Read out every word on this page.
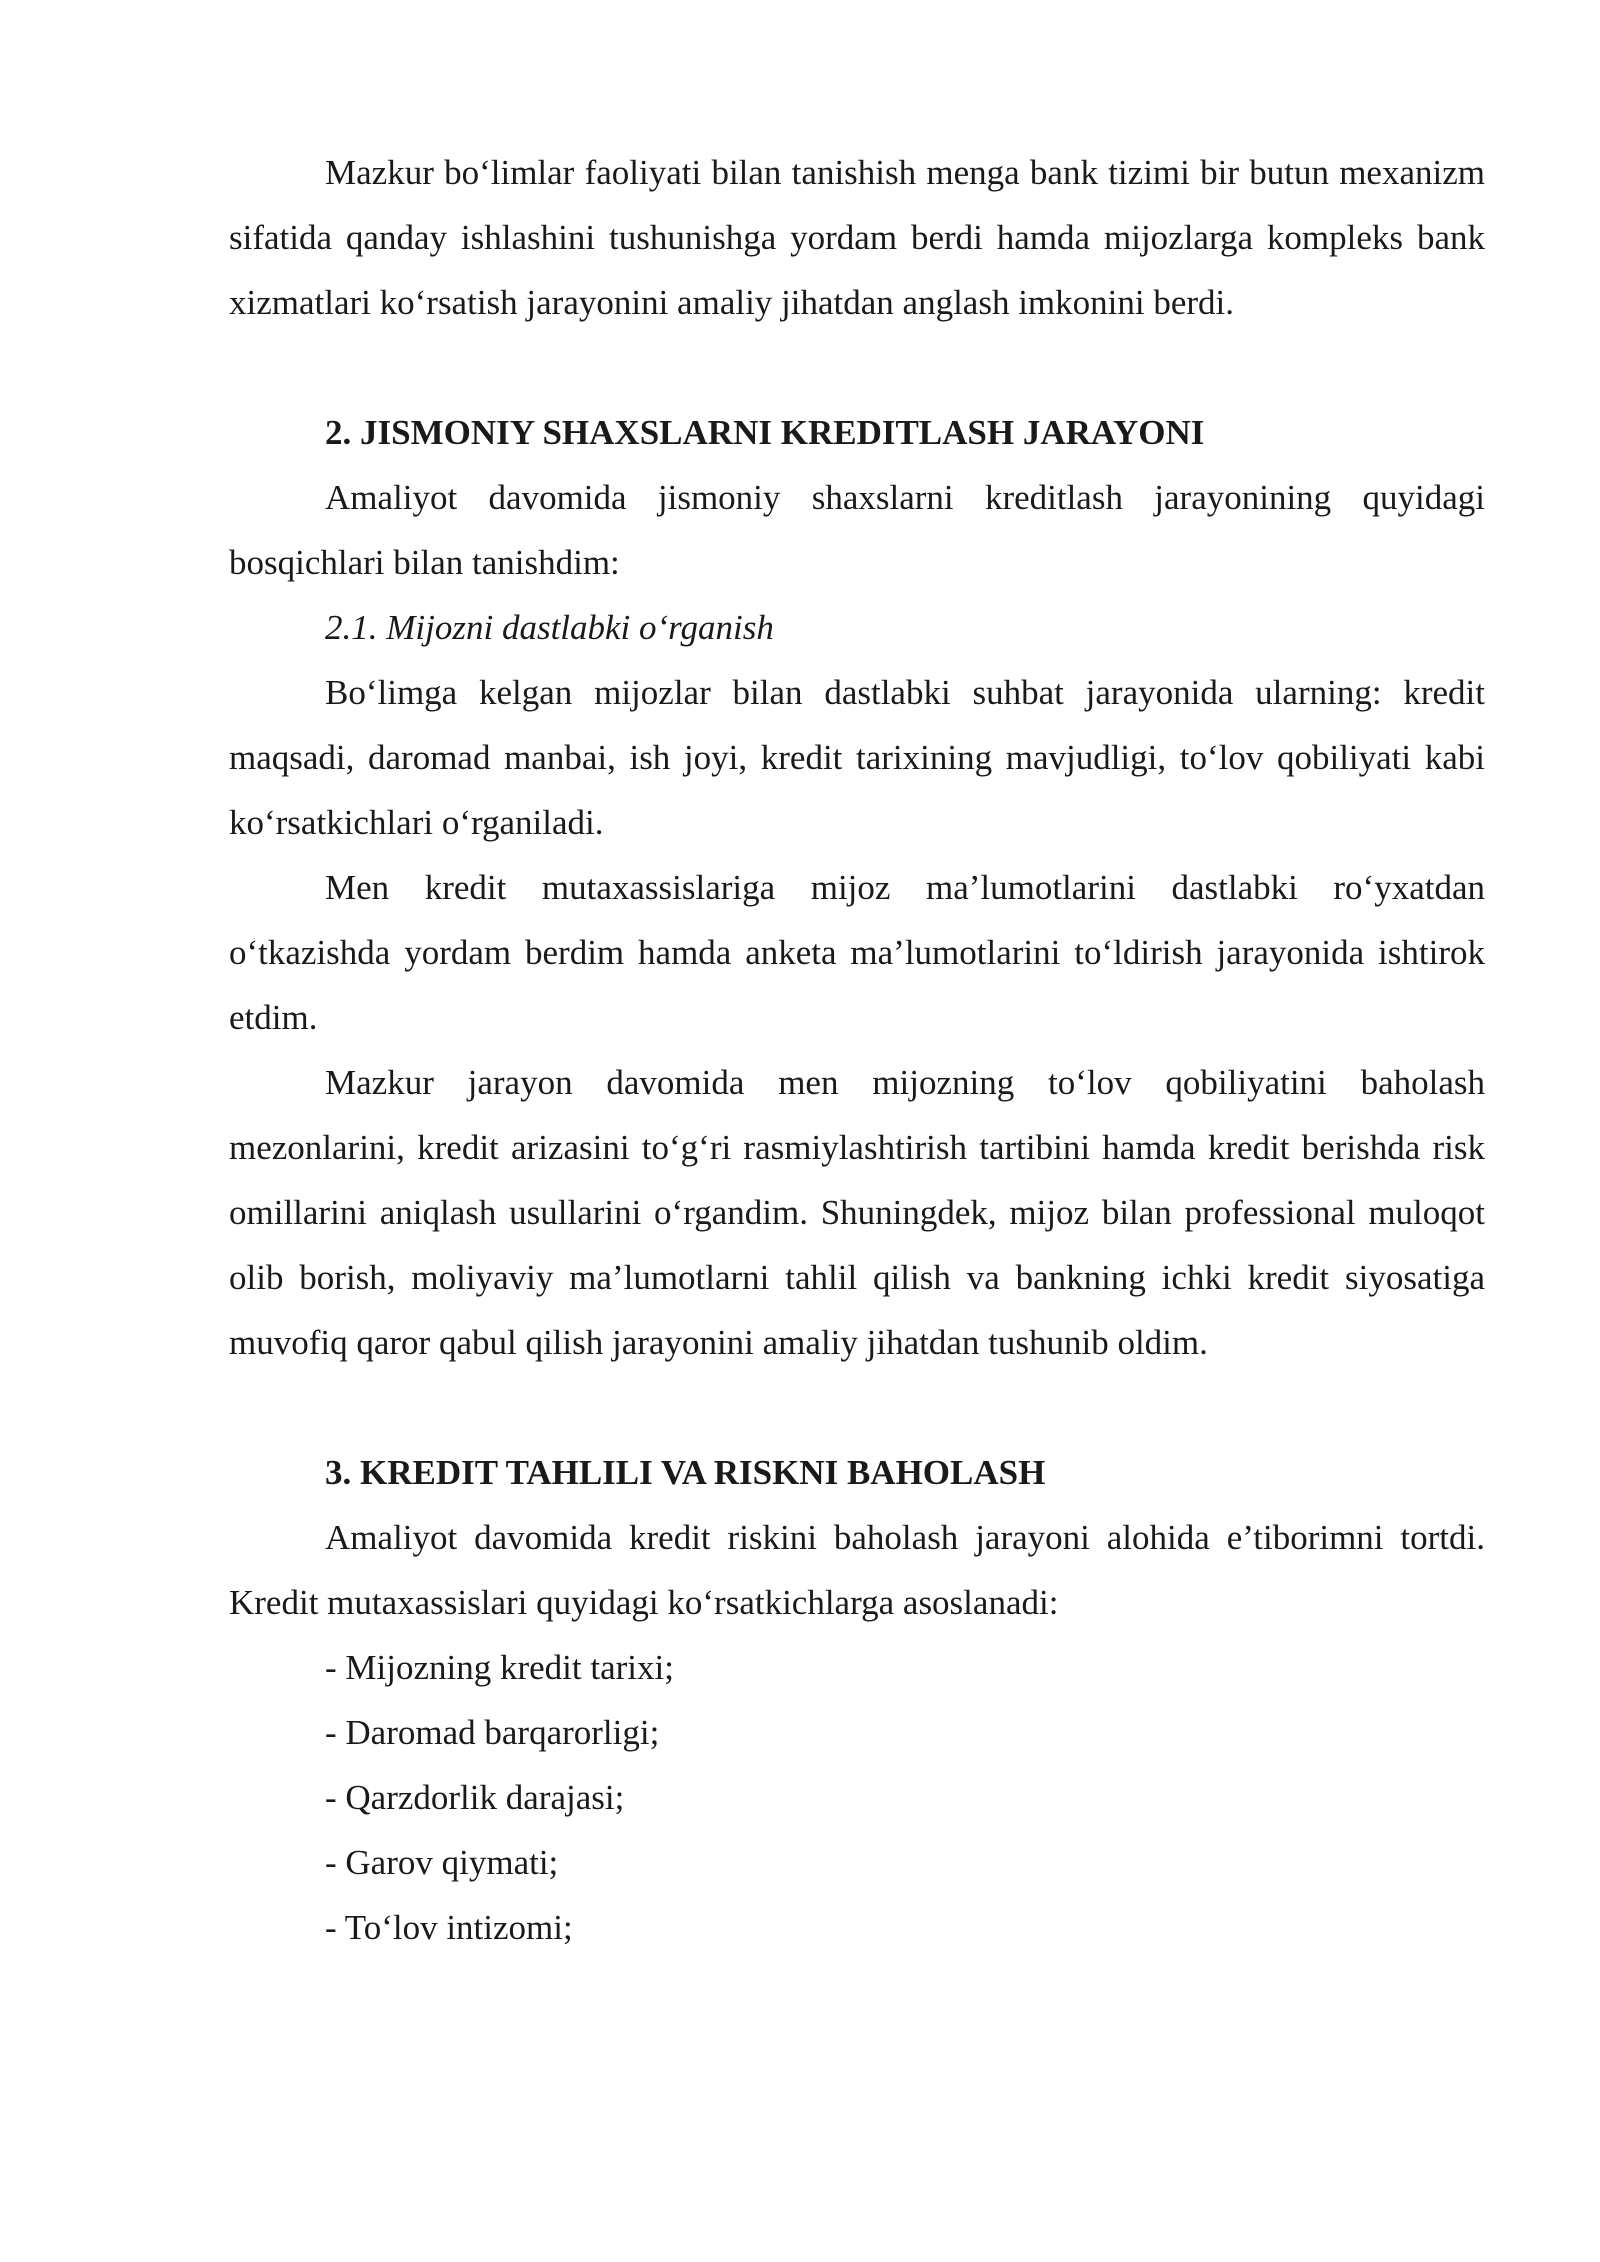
Mazkur bo‘limlar faoliyati bilan tanishish menga bank tizimi bir butun mexanizm sifatida qanday ishlashini tushunishga yordam berdi hamda mijozlarga kompleks bank xizmatlari ko‘rsatish jarayonini amaliy jihatdan anglash imkonini berdi.

2. JISMONIY SHAXSLARNI KREDITLASH JARAYONI

Amaliyot davomida jismoniy shaxslarni kreditlash jarayonining quyidagi bosqichlari bilan tanishdim:

2.1. Mijozni dastlabki o‘rganish

Bo‘limga kelgan mijozlar bilan dastlabki suhbat jarayonida ularning: kredit maqsadi, daromad manbai, ish joyi, kredit tarixining mavjudligi, to‘lov qobiliyati kabi ko‘rsatkichlari o‘rganiladi.

Men kredit mutaxassislariga mijoz ma’lumotlarini dastlabki ro‘yxatdan o‘tkazishda yordam berdim hamda anketa ma’lumotlarini to‘ldirish jarayonida ishtirok etdim.

Mazkur jarayon davomida men mijozning to‘lov qobiliyatini baholash mezonlarini, kredit arizasini to‘g‘ri rasmiylashtirish tartibini hamda kredit berishda risk omillarini aniqlash usullarini o‘rgandim. Shuningdek, mijoz bilan professional muloqot olib borish, moliyaviy ma’lumotlarni tahlil qilish va bankning ichki kredit siyosatiga muvofiq qaror qabul qilish jarayonini amaliy jihatdan tushunib oldim.

3. KREDIT TAHLILI VA RISKNI BAHOLASH

Amaliyot davomida kredit riskini baholash jarayoni alohida e’tiborimni tortdi. Kredit mutaxassislari quyidagi ko‘rsatkichlarga asoslanadi:

- Mijozning kredit tarixi;
- Daromad barqarorligi;
- Qarzdorlik darajasi;
- Garov qiymati;
- To‘lov intizomi;
